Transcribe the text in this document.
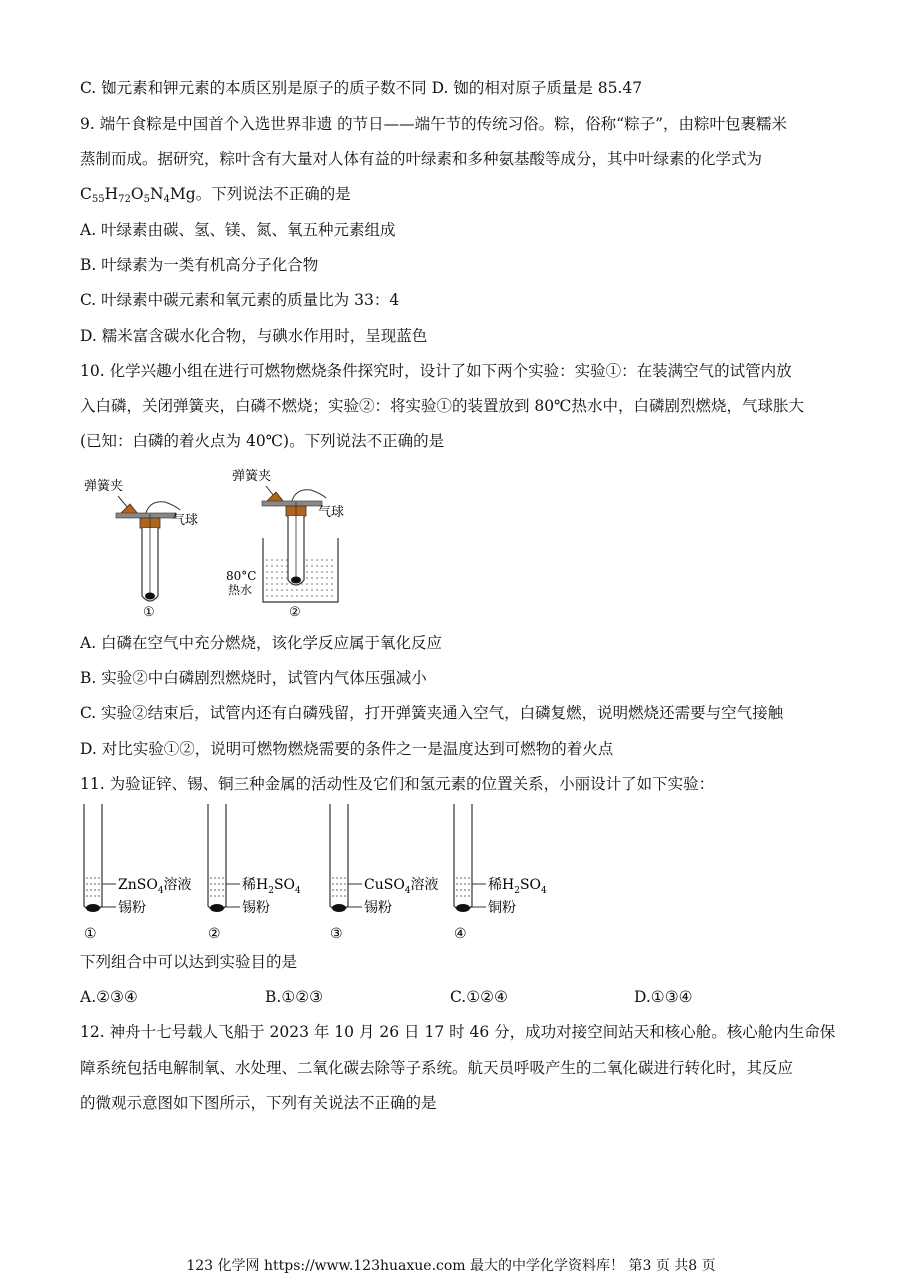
C. 铷元素和钾元素的本质区别是原子的质子数不同 D. 铷的相对原子质量是 85.47
9. 端午食粽是中国首个入选世界非遗 的节日——端午节的传统习俗。粽，俗称“粽子”，由粽叶包裹糯米
蒸制而成。据研究，粽叶含有大量对人体有益的叶绿素和多种氨基酸等成分，其中叶绿素的化学式为
$C_{55}H_{72}O_5N_4Mg$。下列说法不正确的是
A. 叶绿素由碳、氢、镁、氮、氧五种元素组成
B. 叶绿素为一类有机高分子化合物
C. 叶绿素中碳元素和氧元素的质量比为 33：4
D. 糯米富含碳水化合物，与碘水作用时，呈现蓝色
10. 化学兴趣小组在进行可燃物燃烧条件探究时，设计了如下两个实验：实验①：在装满空气的试管内放
入白磷，关闭弹簧夹，白磷不燃烧；实验②：将实验①的装置放到 80℃热水中，白磷剧烈燃烧，气球胀大
(已知：白磷的着火点为 40℃)。下列说法不正确的是
弹簧夹
气球
①
弹簧夹
气球
80°C
热水
②
A. 白磷在空气中充分燃烧，该化学反应属于氧化反应
B. 实验②中白磷剧烈燃烧时，试管内气体压强减小
C. 实验②结束后，试管内还有白磷残留，打开弹簧夹通入空气，白磷复燃，说明燃烧还需要与空气接触
D. 对比实验①②，说明可燃物燃烧需要的条件之一是温度达到可燃物的着火点
11. 为验证锌、锡、铜三种金属的活动性及它们和氢元素的位置关系，小丽设计了如下实验：
ZnSO$_4$溶液
锡粉
①
稀$H_2SO_4$
锡粉
②
CuSO$_4$溶液
锡粉
③
稀$H_2SO_4$
铜粉
④
下列组合中可以达到实验目的是
A.②③④	B.①②③	C.①②④	D.①③④
12. 神舟十七号载人飞船于 2023 年 10 月 26 日 17 时 46 分，成功对接空间站天和核心舱。核心舱内生命保
障系统包括电解制氧、水处理、二氧化碳去除等子系统。航天员呼吸产生的二氧化碳进行转化时，其反应
的微观示意图如下图所示，下列有关说法不正确的是
123 化学网 https://www.123huaxue.com 最大的中学化学资料库！ 第3 页 共8 页
